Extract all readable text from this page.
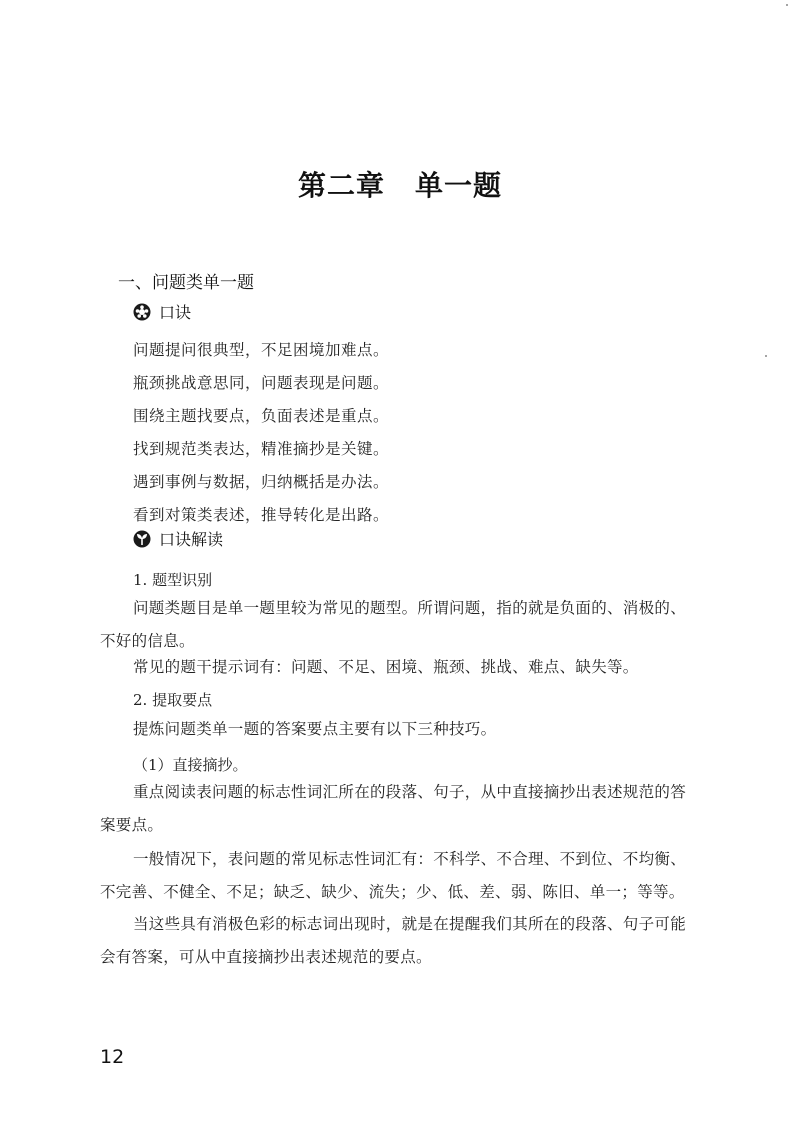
第二章 单一题
一、问题类单一题
口诀
问题提问很典型，不足困境加难点。
瓶颈挑战意思同，问题表现是问题。
围绕主题找要点，负面表述是重点。
找到规范类表达，精准摘抄是关键。
遇到事例与数据，归纳概括是办法。
看到对策类表述，推导转化是出路。
口诀解读
1. 题型识别
问题类题目是单一题里较为常见的题型。所谓问题，指的就是负面的、消极的、不好的信息。
常见的题干提示词有：问题、不足、困境、瓶颈、挑战、难点、缺失等。
2. 提取要点
提炼问题类单一题的答案要点主要有以下三种技巧。
（1）直接摘抄。
重点阅读表问题的标志性词汇所在的段落、句子，从中直接摘抄出表述规范的答案要点。
一般情况下，表问题的常见标志性词汇有：不科学、不合理、不到位、不均衡、不完善、不健全、不足；缺乏、缺少、流失；少、低、差、弱、陈旧、单一；等等。
当这些具有消极色彩的标志词出现时，就是在提醒我们其所在的段落、句子可能会有答案，可从中直接摘抄出表述规范的要点。
12
